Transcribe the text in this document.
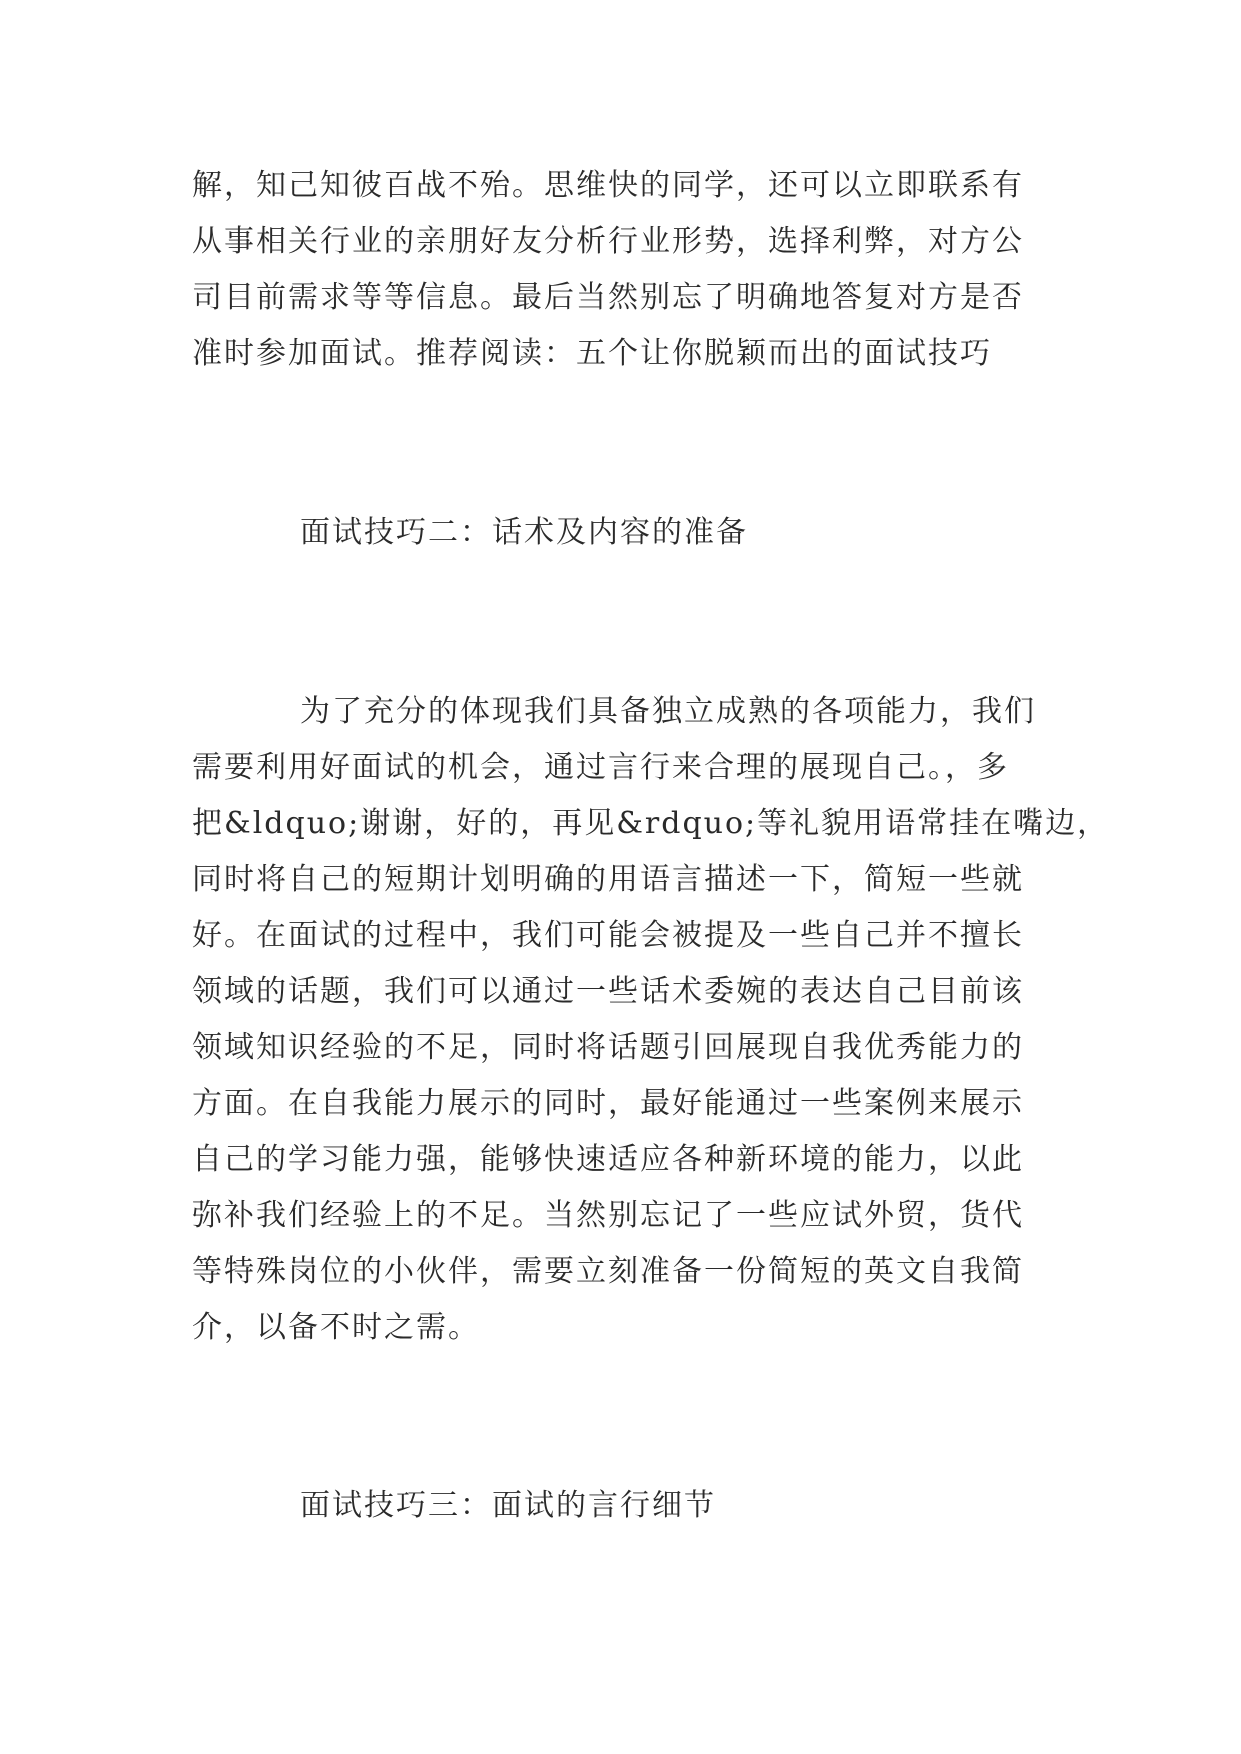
解，知己知彼百战不殆。思维快的同学，还可以立即联系有
从事相关行业的亲朋好友分析行业形势，选择利弊，对方公
司目前需求等等信息。最后当然别忘了明确地答复对方是否
准时参加面试。推荐阅读：五个让你脱颖而出的面试技巧
面试技巧二：话术及内容的准备
为了充分的体现我们具备独立成熟的各项能力，我们
需要利用好面试的机会，通过言行来合理的展现自己。，多
把&ldquo;谢谢，好的，再见&rdquo;等礼貌用语常挂在嘴边，
同时将自己的短期计划明确的用语言描述一下，简短一些就
好。在面试的过程中，我们可能会被提及一些自己并不擅长
领域的话题，我们可以通过一些话术委婉的表达自己目前该
领域知识经验的不足，同时将话题引回展现自我优秀能力的
方面。在自我能力展示的同时，最好能通过一些案例来展示
自己的学习能力强，能够快速适应各种新环境的能力，以此
弥补我们经验上的不足。当然别忘记了一些应试外贸，货代
等特殊岗位的小伙伴，需要立刻准备一份简短的英文自我简
介，以备不时之需。
面试技巧三：面试的言行细节
